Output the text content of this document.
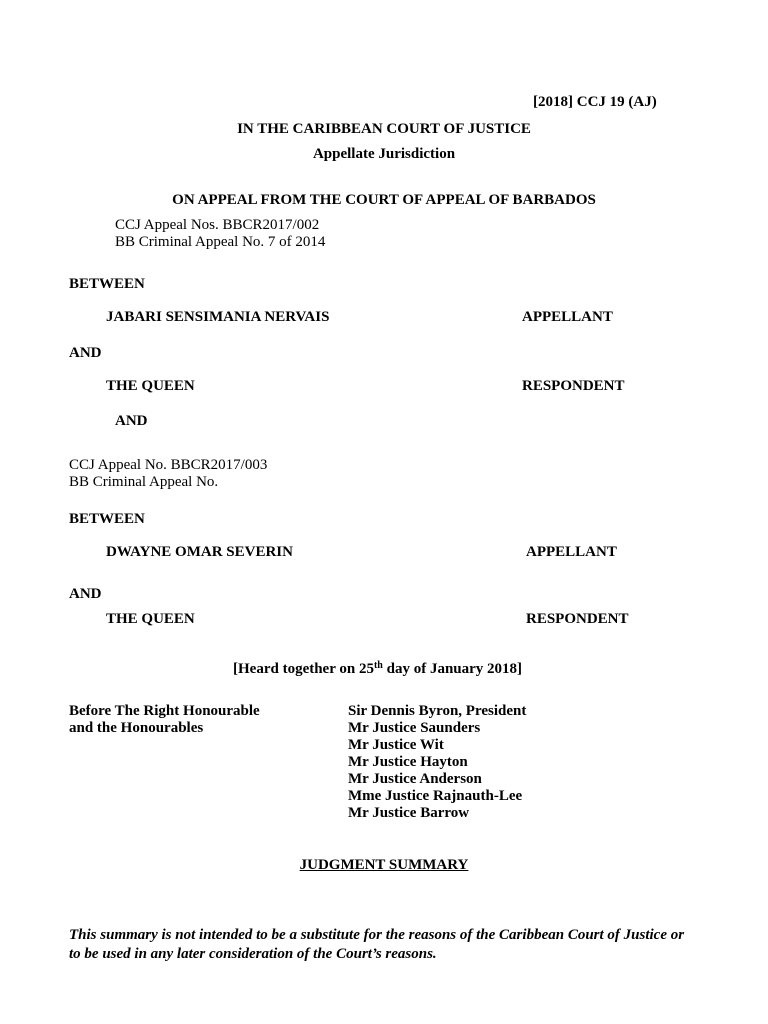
[2018] CCJ 19 (AJ)
IN THE CARIBBEAN COURT OF JUSTICE
Appellate Jurisdiction
ON APPEAL FROM THE COURT OF APPEAL OF BARBADOS
CCJ Appeal Nos. BBCR2017/002
BB Criminal Appeal No. 7 of 2014
BETWEEN
JABARI SENSIMANIA NERVAIS	APPELLANT
AND
THE QUEEN	RESPONDENT
AND
CCJ Appeal No. BBCR2017/003
BB Criminal Appeal No.
BETWEEN
DWAYNE OMAR SEVERIN	APPELLANT
AND
THE QUEEN	RESPONDENT
[Heard together on 25th day of January 2018]
Before The Right Honourable
and the Honourables
Sir Dennis Byron, President
Mr Justice Saunders
Mr Justice Wit
Mr Justice Hayton
Mr Justice Anderson
Mme Justice Rajnauth-Lee
Mr Justice Barrow
JUDGMENT SUMMARY
This summary is not intended to be a substitute for the reasons of the Caribbean Court of Justice or
to be used in any later consideration of the Court’s reasons.
